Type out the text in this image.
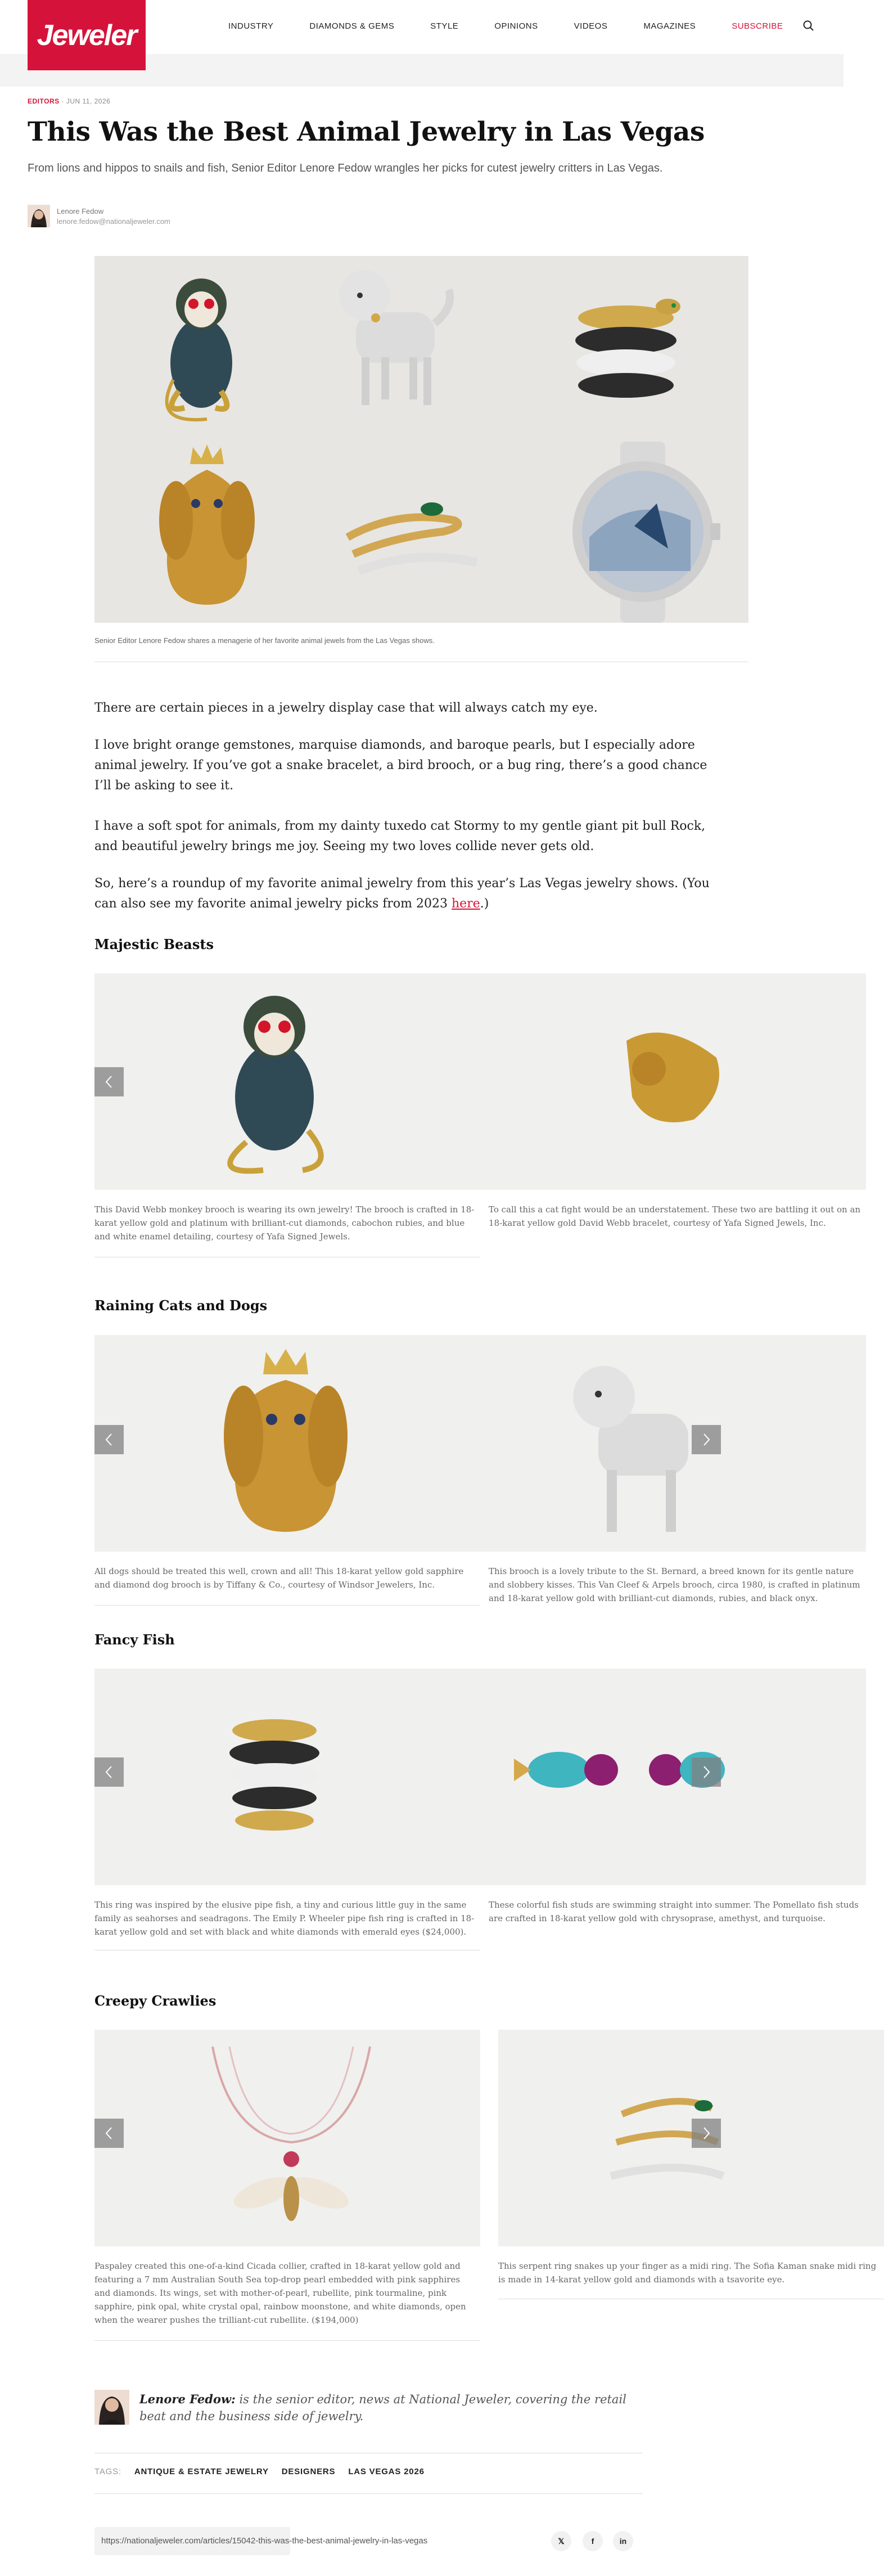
Jeweler	INDUSTRY	DIAMONDS & GEMS	STYLE	OPINIONS	VIDEOS	MAGAZINES	SUBSCRIBE
EDITORS · JUN 11, 2026
This Was the Best Animal Jewelry in Las Vegas

From lions and hippos to snails and fish, Senior Editor Lenore Fedow wrangles her picks for cutest jewelry critters in Las Vegas.

Lenore Fedow
lenore.fedow@nationaljeweler.com
Senior Editor Lenore Fedow shares a menagerie of her favorite animal jewels from the Las Vegas shows.

There are certain pieces in a jewelry display case that will always catch my eye.

I love bright orange gemstones, marquise diamonds, and baroque pearls, but I especially adore animal jewelry. If you’ve got a snake bracelet, a bird brooch, or a bug ring, there’s a good chance I’ll be asking to see it.

I have a soft spot for animals, from my dainty tuxedo cat Stormy to my gentle giant pit bull Rock, and beautiful jewelry brings me joy. Seeing my two loves collide never gets old.

So, here’s a roundup of my favorite animal jewelry from this year’s Las Vegas jewelry shows. (You can also see my favorite animal jewelry picks from 2023 here.)

Majestic Beasts

This David Webb monkey brooch is wearing its own jewelry! The brooch is crafted in 18-karat yellow gold and platinum with brilliant-cut diamonds, cabochon rubies, and blue and white enamel detailing, courtesy of Yafa Signed Jewels.

To call this a cat fight would be an understatement. These two are battling it out on an 18-karat yellow gold David Webb bracelet, courtesy of Yafa Signed Jewels, Inc.

Raining Cats and Dogs

All dogs should be treated this well, crown and all! This 18-karat yellow gold sapphire and diamond dog brooch is by Tiffany & Co., courtesy of Windsor Jewelers, Inc.

This brooch is a lovely tribute to the St. Bernard, a breed known for its gentle nature and slobbery kisses. This Van Cleef & Arpels brooch, circa 1980, is crafted in platinum and 18-karat yellow gold with brilliant-cut diamonds, rubies, and black onyx.

Fancy Fish

This ring was inspired by the elusive pipe fish, a tiny and curious little guy in the same family as seahorses and seadragons. The Emily P. Wheeler pipe fish ring is crafted in 18-karat yellow gold and set with black and white diamonds with emerald eyes ($24,000).

These colorful fish studs are swimming straight into summer. The Pomellato fish studs are crafted in 18-karat yellow gold with chrysoprase, amethyst, and turquoise.

Creepy Crawlies

Paspaley created this one-of-a-kind Cicada collier, crafted in 18-karat yellow gold and featuring a 7 mm Australian South Sea top-drop pearl embedded with pink sapphires and diamonds. Its wings, set with mother-of-pearl, rubellite, pink tourmaline, pink sapphire, pink opal, white crystal opal, rainbow moonstone, and white diamonds, open when the wearer pushes the trilliant-cut rubellite. ($194,000)

This serpent ring snakes up your finger as a midi ring. The Sofia Kaman snake midi ring is made in 14-karat yellow gold and diamonds with a tsavorite eye.

Lenore Fedow: is the senior editor, news at National Jeweler, covering the retail beat and the business side of jewelry.

TAGS: ANTIQUE & ESTATE JEWELRY DESIGNERS LAS VEGAS 2026
https://nationaljeweler.com/articles/15042-this-was-the-best-animal-jewelry-in-las-vegas	𝕏	f	in
